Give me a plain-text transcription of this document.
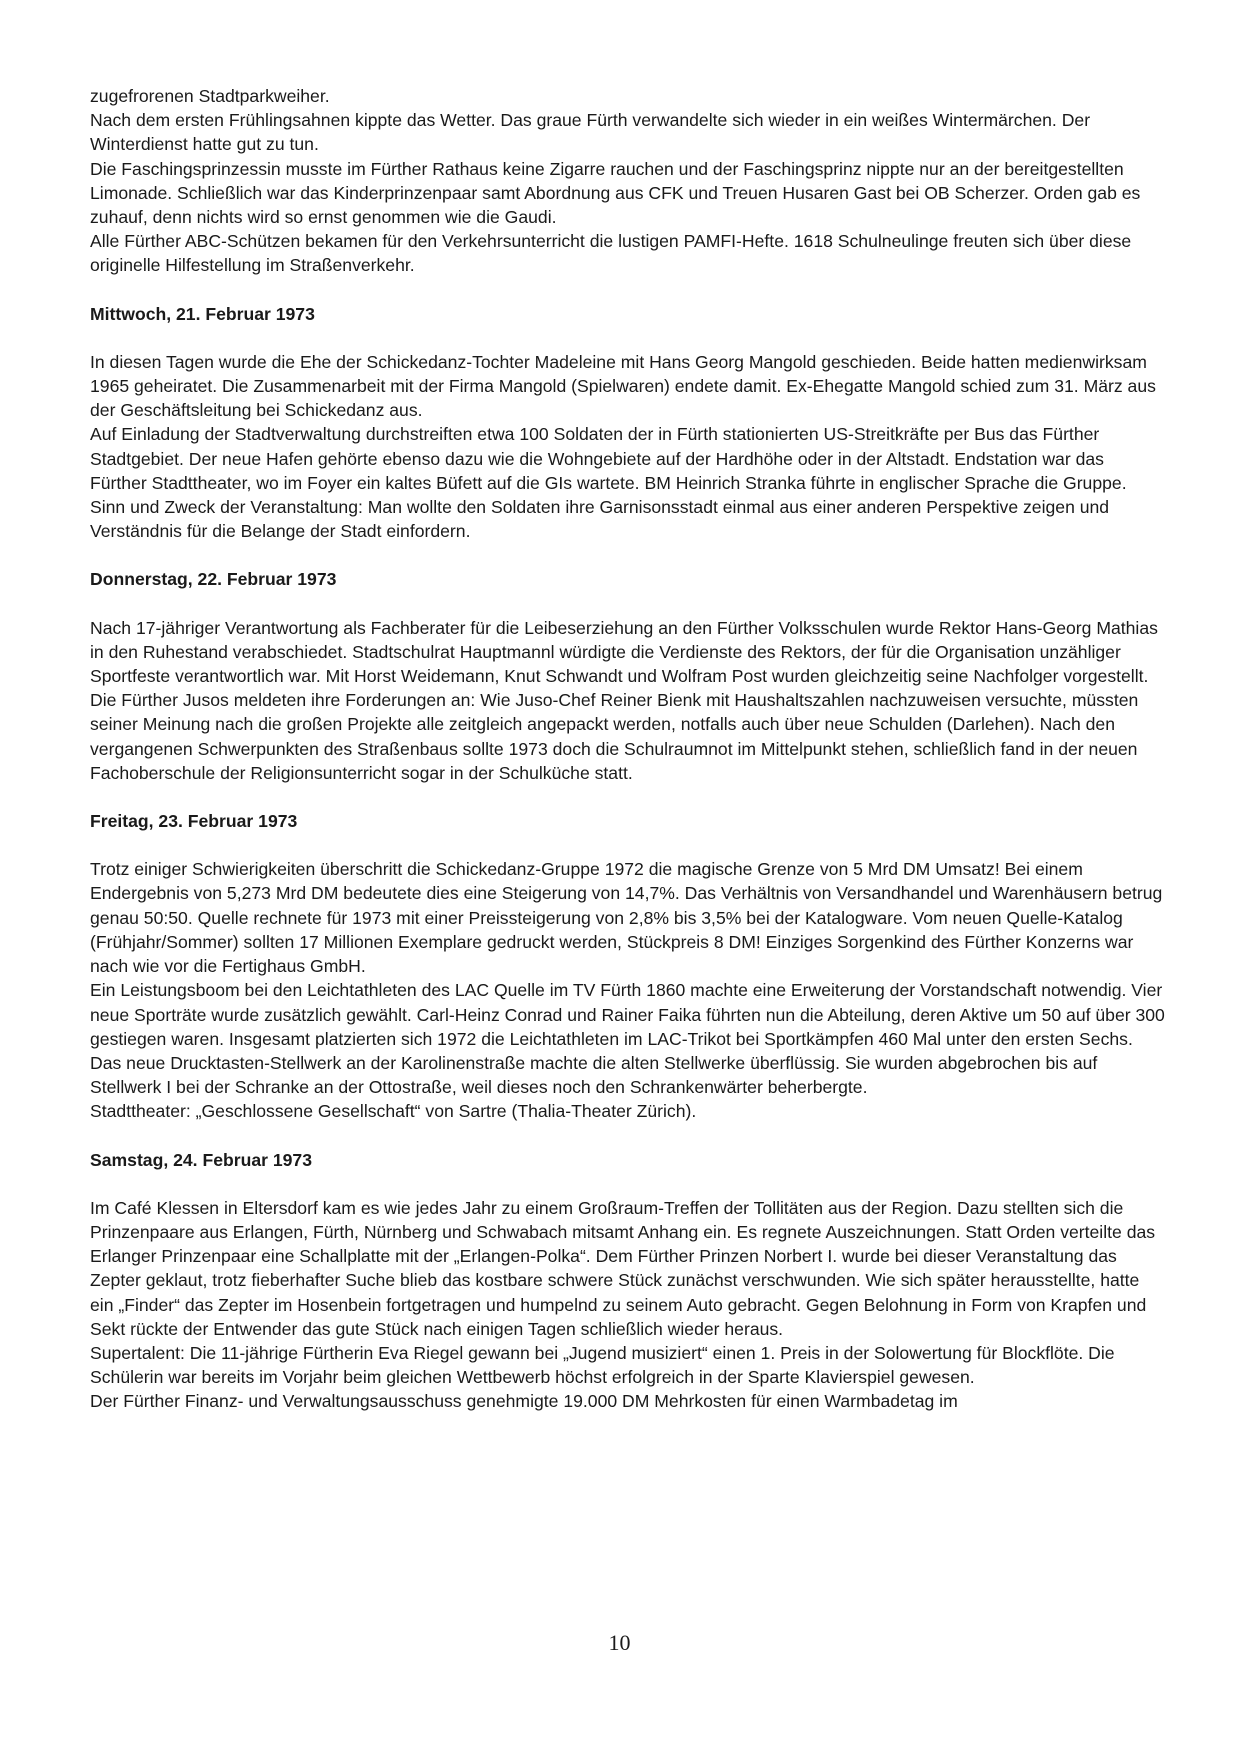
zugefrorenen Stadtparkweiher.

Nach dem ersten Frühlingsahnen kippte das Wetter. Das graue Fürth verwandelte sich wieder in ein weißes Wintermärchen. Der Winterdienst hatte gut zu tun.

Die Faschingsprinzessin musste im Fürther Rathaus keine Zigarre rauchen und der Faschingsprinz nippte nur an der bereitgestellten Limonade. Schließlich war das Kinderprinzenpaar samt Abordnung aus CFK und Treuen Husaren Gast bei OB Scherzer. Orden gab es zuhauf, denn nichts wird so ernst genommen wie die Gaudi.

Alle Fürther ABC-Schützen bekamen für den Verkehrsunterricht die lustigen PAMFI-Hefte. 1618 Schulneulinge freuten sich über diese originelle Hilfestellung im Straßenverkehr.

Mittwoch, 21. Februar 1973

In diesen Tagen wurde die Ehe der Schickedanz-Tochter Madeleine mit Hans Georg Mangold geschieden. Beide hatten medienwirksam 1965 geheiratet. Die Zusammenarbeit mit der Firma Mangold (Spielwaren) endete damit. Ex-Ehegatte Mangold schied zum 31. März aus der Geschäftsleitung bei Schickedanz aus.

Auf Einladung der Stadtverwaltung durchstreiften etwa 100 Soldaten der in Fürth stationierten US-Streitkräfte per Bus das Fürther Stadtgebiet. Der neue Hafen gehörte ebenso dazu wie die Wohngebiete auf der Hardhöhe oder in der Altstadt. Endstation war das Fürther Stadttheater, wo im Foyer ein kaltes Büfett auf die GIs wartete. BM Heinrich Stranka führte in englischer Sprache die Gruppe. Sinn und Zweck der Veranstaltung: Man wollte den Soldaten ihre Garnisonsstadt einmal aus einer anderen Perspektive zeigen und Verständnis für die Belange der Stadt einfordern.

Donnerstag, 22. Februar 1973

Nach 17-jähriger Verantwortung als Fachberater für die Leibeserziehung an den Fürther Volksschulen wurde Rektor Hans-Georg Mathias in den Ruhestand verabschiedet. Stadtschulrat Hauptmannl würdigte die Verdienste des Rektors, der für die Organisation unzähliger Sportfeste verantwortlich war. Mit Horst Weidemann, Knut Schwandt und Wolfram Post wurden gleichzeitig seine Nachfolger vorgestellt.

Die Fürther Jusos meldeten ihre Forderungen an: Wie Juso-Chef Reiner Bienk mit Haushaltszahlen nachzuweisen versuchte, müssten seiner Meinung nach die großen Projekte alle zeitgleich angepackt werden, notfalls auch über neue Schulden (Darlehen). Nach den vergangenen Schwerpunkten des Straßenbaus sollte 1973 doch die Schulraumnot im Mittelpunkt stehen, schließlich fand in der neuen Fachoberschule der Religionsunterricht sogar in der Schulküche statt.

Freitag, 23. Februar 1973

Trotz einiger Schwierigkeiten überschritt die Schickedanz-Gruppe 1972 die magische Grenze von 5 Mrd DM Umsatz! Bei einem Endergebnis von 5,273 Mrd DM bedeutete dies eine Steigerung von 14,7%. Das Verhältnis von Versandhandel und Warenhäusern betrug genau 50:50. Quelle rechnete für 1973 mit einer Preissteigerung von 2,8% bis 3,5% bei der Katalogware. Vom neuen Quelle-Katalog (Frühjahr/Sommer) sollten 17 Millionen Exemplare gedruckt werden, Stückpreis 8 DM! Einziges Sorgenkind des Fürther Konzerns war nach wie vor die Fertighaus GmbH.

Ein Leistungsboom bei den Leichtathleten des LAC Quelle im TV Fürth 1860 machte eine Erweiterung der Vorstandschaft notwendig. Vier neue Sporträte wurde zusätzlich gewählt. Carl-Heinz Conrad und Rainer Faika führten nun die Abteilung, deren Aktive um 50 auf über 300 gestiegen waren. Insgesamt platzierten sich 1972 die Leichtathleten im LAC-Trikot bei Sportkämpfen 460 Mal unter den ersten Sechs.

Das neue Drucktasten-Stellwerk an der Karolinenstraße machte die alten Stellwerke überflüssig. Sie wurden abgebrochen bis auf Stellwerk I bei der Schranke an der Ottostraße, weil dieses noch den Schrankenwärter beherbergte.

Stadttheater: „Geschlossene Gesellschaft“ von Sartre (Thalia-Theater Zürich).

Samstag, 24. Februar 1973

Im Café Klessen in Eltersdorf kam es wie jedes Jahr zu einem Großraum-Treffen der Tollitäten aus der Region. Dazu stellten sich die Prinzenpaare aus Erlangen, Fürth, Nürnberg und Schwabach mitsamt Anhang ein. Es regnete Auszeichnungen. Statt Orden verteilte das Erlanger Prinzenpaar eine Schallplatte mit der „Erlangen-Polka“. Dem Fürther Prinzen Norbert I. wurde bei dieser Veranstaltung das Zepter geklaut, trotz fieberhafter Suche blieb das kostbare schwere Stück zunächst verschwunden. Wie sich später herausstellte, hatte ein „Finder“ das Zepter im Hosenbein fortgetragen und humpelnd zu seinem Auto gebracht. Gegen Belohnung in Form von Krapfen und Sekt rückte der Entwender das gute Stück nach einigen Tagen schließlich wieder heraus.

Supertalent: Die 11-jährige Fürtherin Eva Riegel gewann bei „Jugend musiziert“ einen 1. Preis in der Solowertung für Blockflöte. Die Schülerin war bereits im Vorjahr beim gleichen Wettbewerb höchst erfolgreich in der Sparte Klavierspiel gewesen.

Der Fürther Finanz- und Verwaltungsausschuss genehmigte 19.000 DM Mehrkosten für einen Warmbadetag im

10
